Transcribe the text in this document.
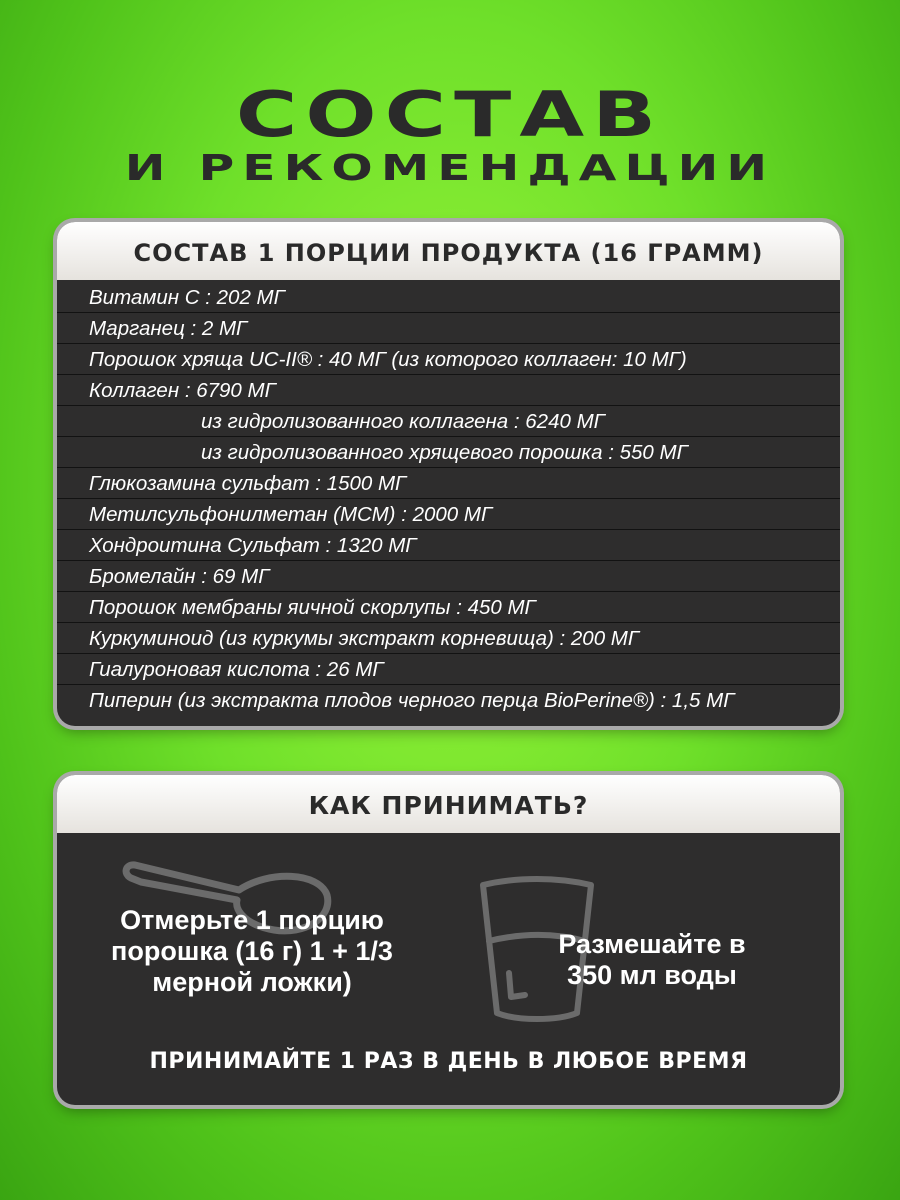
СОСТАВ
И РЕКОМЕНДАЦИИ
СОСТАВ 1 ПОРЦИИ ПРОДУКТА (16 ГРАММ)
Витамин С : 202 МГ
Марганец : 2 МГ
Порошок хряща UC-II® : 40 МГ (из которого коллаген: 10 МГ)
Коллаген : 6790 МГ
из гидролизованного коллагена : 6240 МГ
из гидролизованного хрящевого порошка : 550 МГ
Глюкозамина сульфат : 1500 МГ
Метилсульфонилметан (МСМ) : 2000 МГ
Хондроитина Сульфат : 1320 МГ
Бромелайн : 69 МГ
Порошок мембраны яичной скорлупы : 450 МГ
Куркуминоид (из куркумы экстракт корневища) : 200 МГ
Гиалуроновая кислота : 26 МГ
Пиперин (из экстракта плодов черного перца BioPerine®) : 1,5 МГ
КАК ПРИНИМАТЬ?
Отмерьте 1 порцию порошка (16 г) 1 + 1/3 мерной ложки)
Размешайте в 350 мл воды
ПРИНИМАЙТЕ 1 РАЗ В ДЕНЬ В ЛЮБОЕ ВРЕМЯ
